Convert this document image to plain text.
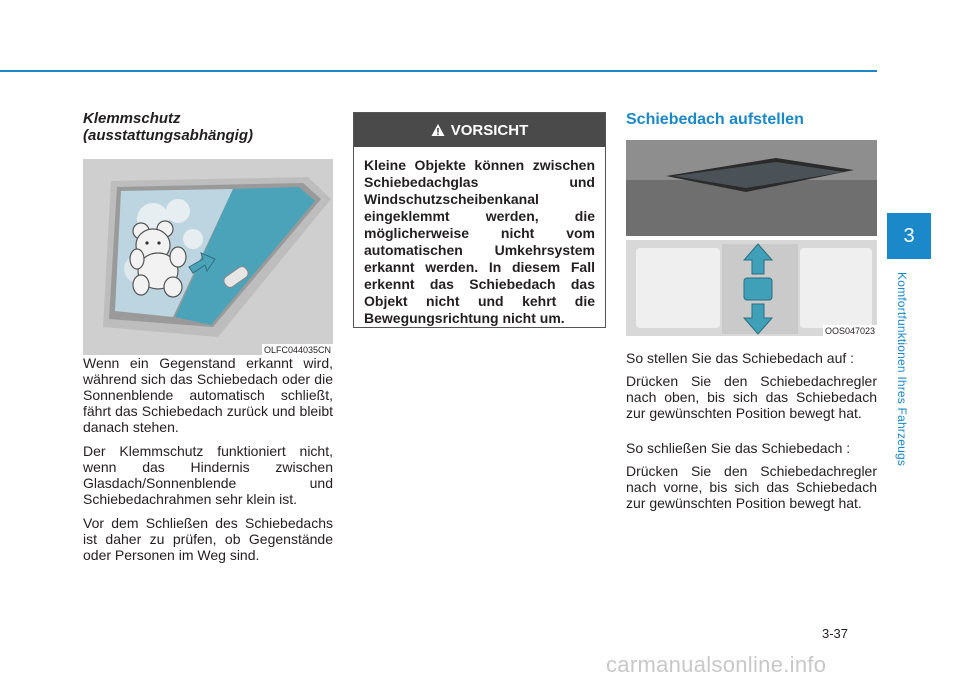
Klemmschutz
(ausstattungsabhängig)

OLFC044035CN

Wenn ein Gegenstand erkannt wird, während sich das Schiebedach oder die Sonnenblende automatisch schließt, fährt das Schiebedach zurück und bleibt danach stehen.

Der Klemmschutz funktioniert nicht, wenn das Hindernis zwischen Glasdach/Sonnenblende und Schiebedachrahmen sehr klein ist.

Vor dem Schließen des Schiebedachs ist daher zu prüfen, ob Gegenstände oder Personen im Weg sind.

VORSICHT

Kleine Objekte können zwischen Schiebedachglas und Windschutzscheibenkanal eingeklemmt werden, die möglicherweise nicht vom automatischen Umkehrsystem erkannt werden. In diesem Fall erkennt das Schiebedach das Objekt nicht und kehrt die Bewegungsrichtung nicht um.

Schiebedach aufstellen
OOS047023

So stellen Sie das Schiebedach auf :

Drücken Sie den Schiebedachregler nach oben, bis sich das Schiebedach zur gewünschten Position bewegt hat.

So schließen Sie das Schiebedach :

Drücken Sie den Schiebedachregler nach vorne, bis sich das Schiebedach zur gewünschten Position bewegt hat.

3
Komfortfunktionen Ihres Fahrzeugs
3-37
carmanualsonline.info
